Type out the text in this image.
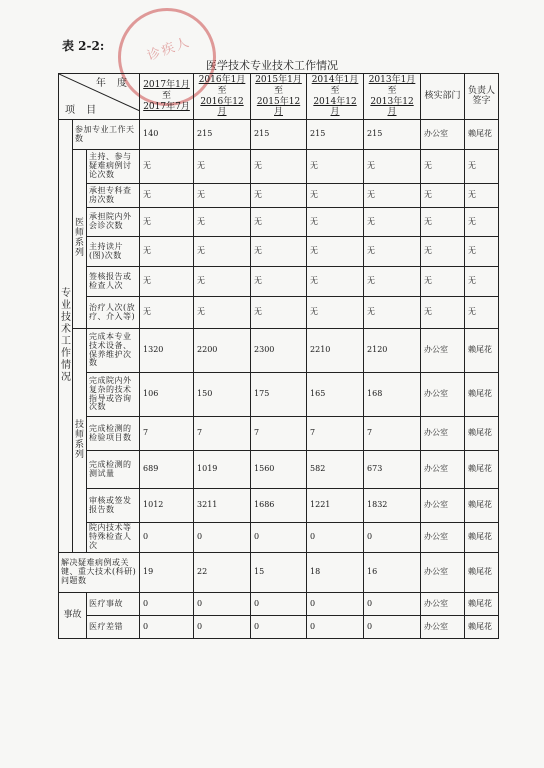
表 2-2:
医学技术专业技术工作情况
年 度
项 目			2017年1月
至
2017年7月	2016年1月
至
2016年12月	2015年1月
至
2015年12月	2014年1月
至
2014年12月	2013年1月
至
2013年12月	核实部门	负责人签字
专业技术工作情况	参加专业工作天数		140	215	215	215	215	办公室	赖尾花
	医师系列	主持、参与疑难病例讨论次数	无	无	无	无	无	无	无
		承担专科查房次数	无	无	无	无	无	无	无
		承担院内外会诊次数	无	无	无	无	无	无	无
		主持读片(图)次数	无	无	无	无	无	无	无
		签核报告或检查人次	无	无	无	无	无	无	无
		治疗人次(放疗、介入等)	无	无	无	无	无	无	无
	技师系列	完成本专业技术设备、保养维护次数	1320	2200	2300	2210	2120	办公室	赖尾花
		完成院内外复杂的技术指导或咨询次数	106	150	175	165	168	办公室	赖尾花
		完成检测的检验项目数	7	7	7	7	7	办公室	赖尾花
		完成检测的测试量	689	1019	1560	582	673	办公室	赖尾花
		审核或签发报告数	1012	3211	1686	1221	1832	办公室	赖尾花
		院内技术等特殊检查人次	0	0	0	0	0	办公室	赖尾花
解决疑难病例或关键、重大技术(科研)问题数			19	22	15	18	16	办公室	赖尾花
事故		医疗事故	0	0	0	0	0	办公室	赖尾花
		医疗差错	0	0	0	0	0	办公室	赖尾花
诊疾人
